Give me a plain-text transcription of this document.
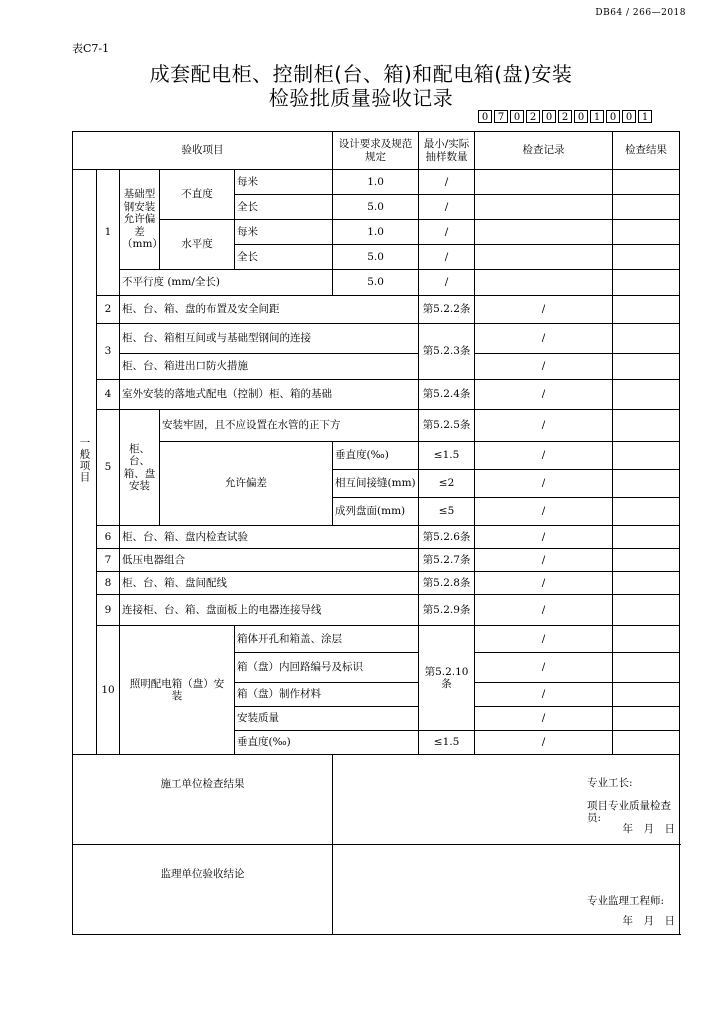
DB64 / 266—2018
表C7-1
成套配电柜、控制柜(台、箱)和配电箱(盘)安装
检验批质量验收记录
0 7 0 2 0 2 0 1 0 0 1
验收项目					设计要求及规范规定	最小/实际抽样数量	检查记录	检查结果	
一般项目	1	基础型钢安装允许偏差（mm）	不直度	每米	1.0	/			
				全长	5.0	/			
			水平度	每米	1.0	/			
				全长	5.0	/			
		不平行度 (mm/全长)			5.0	/			
	2	柜、台、箱、盘的布置及安全间距				第5.2.2条	/		
	3	柜、台、箱相互间或与基础型钢间的连接				第5.2.3条	/		
		柜、台、箱进出口防火措施					/		
	4	室外安装的落地式配电（控制）柜、箱的基础				第5.2.4条	/		
	5	柜、台、箱、盘安装	安装牢固，且不应设置在水管的正下方			第5.2.5条	/		
			允许偏差		垂直度(‰)	≤1.5	/		
					相互间接缝(mm)	≤2	/		
					成列盘面(mm)	≤5	/		
	6	柜、台、箱、盘内检查试验				第5.2.6条	/		
	7	低压电器组合				第5.2.7条	/		
	8	柜、台、箱、盘间配线				第5.2.8条	/		
	9	连接柜、台、箱、盘面板上的电器连接导线				第5.2.9条	/		
	10	照明配电箱（盘）安装		箱体开孔和箱盖、涂层		第5.2.10条	/		
				箱（盘）内回路编号及标识			/		
				箱（盘）制作材料			/		
				安装质量			/		
				垂直度(‰)		≤1.5	/		

施工单位检查结果					专业工长:
项目专业质量检查员:
年　月　日				

监理单位验收结论					专业监理工程师:
年　月　日				
